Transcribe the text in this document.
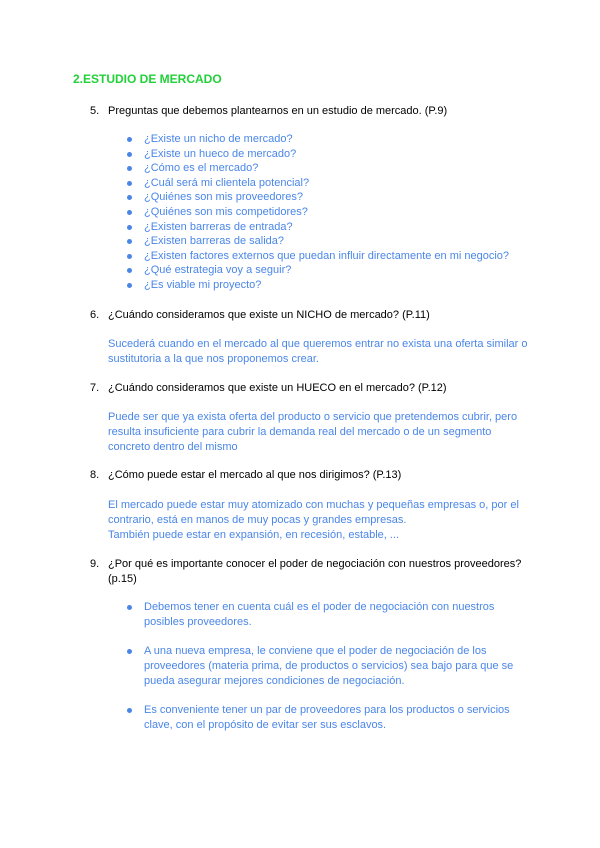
2.ESTUDIO DE MERCADO
5. Preguntas que debemos plantearnos en un estudio de mercado. (P.9)
¿Existe un nicho de mercado?
¿Existe un hueco de mercado?
¿Cómo es el mercado?
¿Cuál será mi clientela potencial?
¿Quiénes son mis proveedores?
¿Quiénes son mis competidores?
¿Existen barreras de entrada?
¿Existen barreras de salida?
¿Existen factores externos que puedan influir directamente en mi negocio?
¿Qué estrategia voy a seguir?
¿Es viable mi proyecto?
6. ¿Cuándo consideramos que existe un NICHO de mercado? (P.11)
Sucederá cuando en el mercado al que queremos entrar no exista una oferta similar o sustitutoria a la que nos proponemos crear.
7. ¿Cuándo consideramos que existe un HUECO en el mercado? (P.12)
Puede ser que ya exista oferta del producto o servicio que pretendemos cubrir, pero resulta insuficiente para cubrir la demanda real del mercado o de un segmento concreto dentro del mismo
8. ¿Cómo puede estar el mercado al que nos dirigimos? (P.13)
El mercado puede estar muy atomizado con muchas y pequeñas empresas o, por el contrario, está en manos de muy pocas y grandes empresas.
También puede estar en expansión, en recesión, estable, ...
9. ¿Por qué es importante conocer el poder de negociación con nuestros proveedores? (p.15)
Debemos tener en cuenta cuál es el poder de negociación con nuestros posibles proveedores.
A una nueva empresa, le conviene que el poder de negociación de los proveedores (materia prima, de productos o servicios) sea bajo para que se pueda asegurar mejores condiciones de negociación.
Es conveniente tener un par de proveedores para los productos o servicios clave, con el propósito de evitar ser sus esclavos.
